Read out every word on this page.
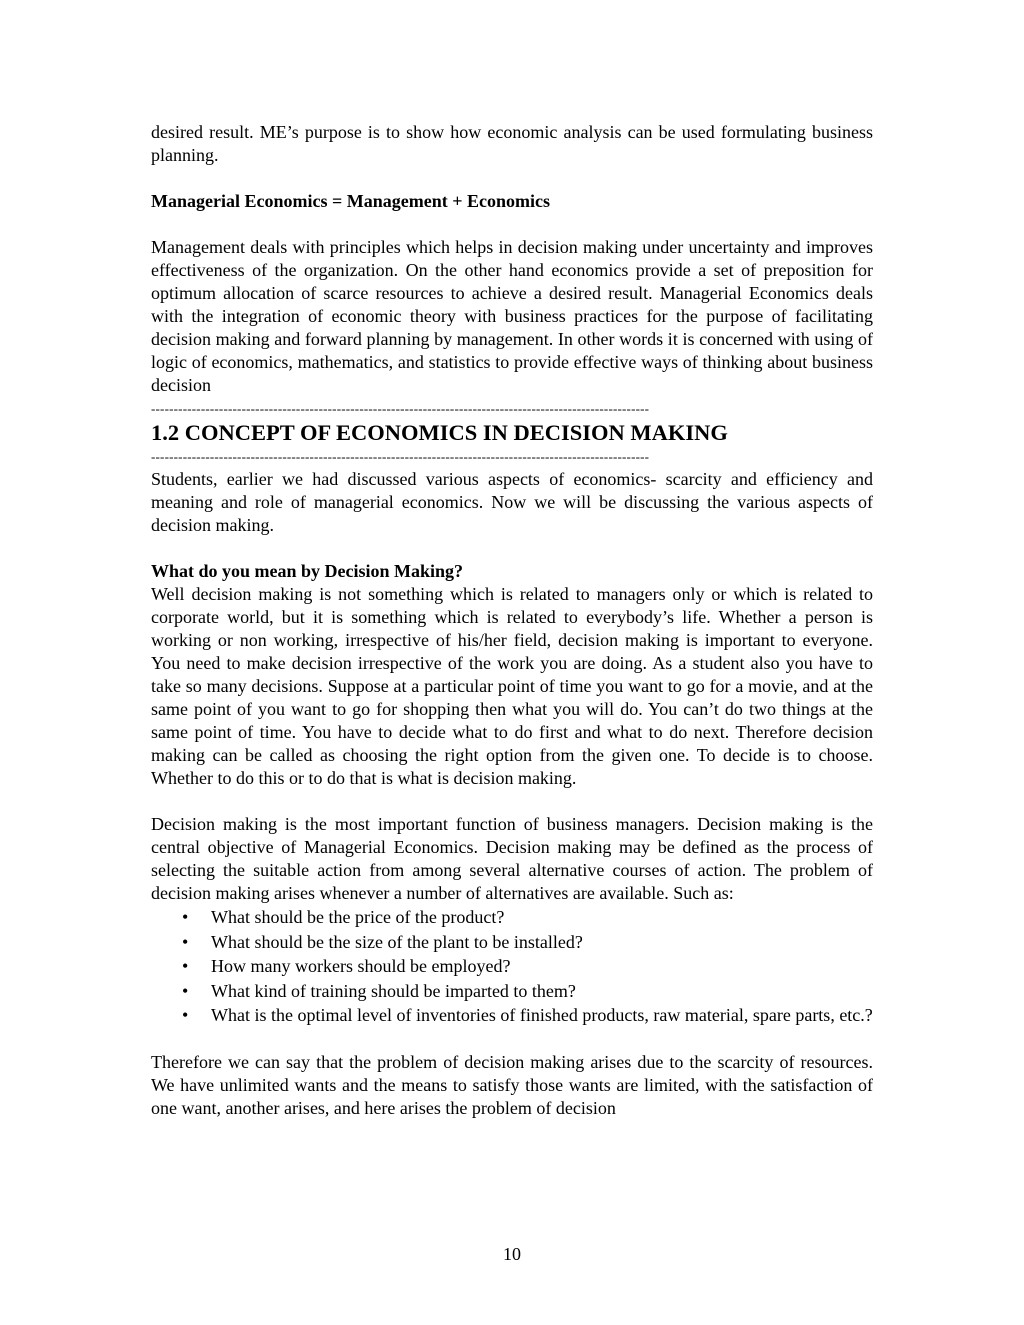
desired result. ME’s purpose is to show how economic analysis can be used formulating business planning.

Managerial Economics = Management + Economics

Management deals with principles which helps in decision making under uncertainty and improves effectiveness of the organization. On the other hand economics provide a set of preposition for optimum allocation of scarce resources to achieve a desired result. Managerial Economics deals with the integration of economic theory with business practices for the purpose of facilitating decision making and forward planning by management. In other words it is concerned with using of logic of economics, mathematics, and statistics to provide effective ways of thinking about business decision

--------------------------------------------------------------------------------------------------------------
1.2 CONCEPT OF ECONOMICS IN DECISION MAKING
--------------------------------------------------------------------------------------------------------------

Students, earlier we had discussed various aspects of economics- scarcity and efficiency and meaning and role of managerial economics. Now we will be discussing the various aspects of decision making.

What do you mean by Decision Making?

Well decision making is not something which is related to managers only or which is related to corporate world, but it is something which is related to everybody’s life. Whether a person is working or non working, irrespective of his/her field, decision making is important to everyone. You need to make decision irrespective of the work you are doing. As a student also you have to take so many decisions. Suppose at a particular point of time you want to go for a movie, and at the same point of you want to go for shopping then what you will do. You can’t do two things at the same point of time. You have to decide what to do first and what to do next. Therefore decision making can be called as choosing the right option from the given one. To decide is to choose. Whether to do this or to do that is what is decision making.

Decision making is the most important function of business managers. Decision making is the central objective of Managerial Economics. Decision making may be defined as the process of selecting the suitable action from among several alternative courses of action. The problem of decision making arises whenever a number of alternatives are available. Such as:

• What should be the price of the product?
• What should be the size of the plant to be installed?
• How many workers should be employed?
• What kind of training should be imparted to them?
• What is the optimal level of inventories of finished products, raw material, spare parts, etc.?

Therefore we can say that the problem of decision making arises due to the scarcity of resources. We have unlimited wants and the means to satisfy those wants are limited, with the satisfaction of one want, another arises, and here arises the problem of decision

10
